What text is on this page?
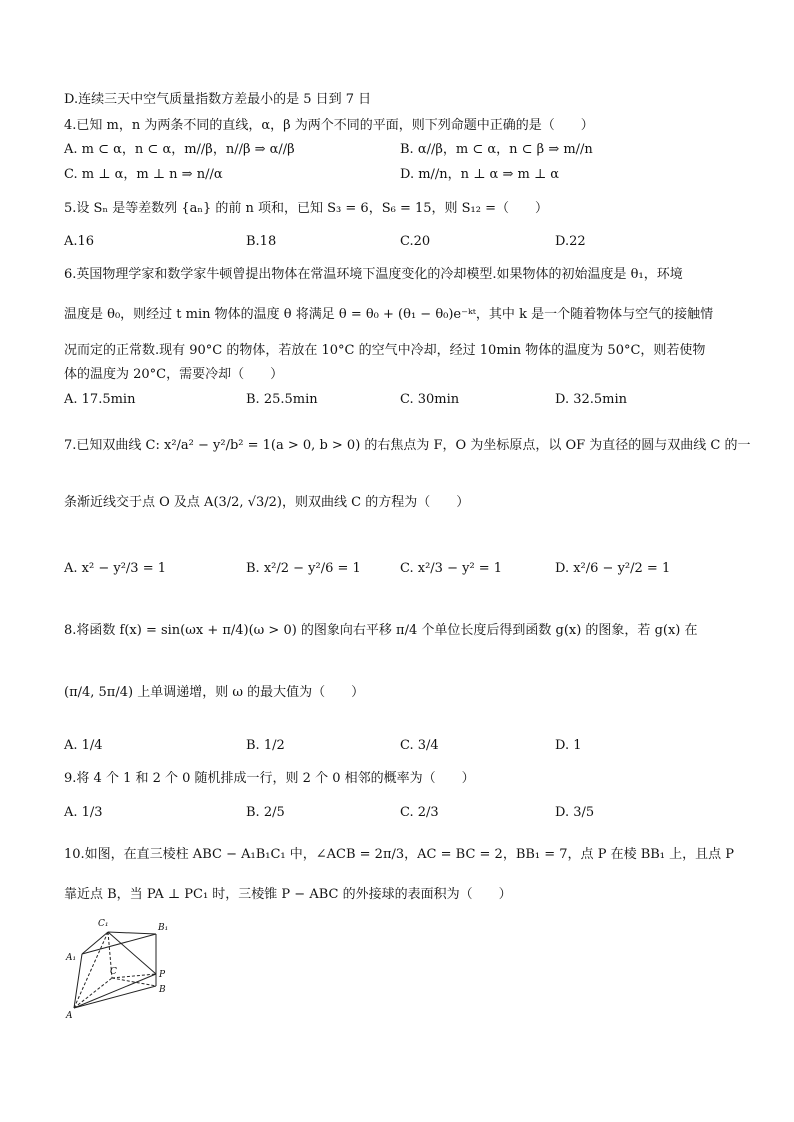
D.连续三天中空气质量指数方差最小的是 5 日到 7 日
4.已知 m，n 为两条不同的直线，α，β 为两个不同的平面，则下列命题中正确的是（　　）
A. m ⊂ α，n ⊂ α，m//β，n//β ⇒ α//β	B. α//β，m ⊂ α，n ⊂ β ⇒ m//n
C. m ⊥ α，m ⊥ n ⇒ n//α	D. m//n，n ⊥ α ⇒ m ⊥ α
5.设 Sₙ 是等差数列 {aₙ} 的前 n 项和，已知 S₃ = 6，S₆ = 15，则 S₁₂ =（　　）
A.16	B.18	C.20	D.22
6.英国物理学家和数学家牛顿曾提出物体在常温环境下温度变化的冷却模型.如果物体的初始温度是 θ₁，环境
温度是 θ₀，则经过 t min 物体的温度 θ 将满足 θ = θ₀ + (θ₁ − θ₀)e⁻ᵏᵗ，其中 k 是一个随着物体与空气的接触情
况而定的正常数.现有 90°C 的物体，若放在 10°C 的空气中冷却，经过 10min 物体的温度为 50°C，则若使物
体的温度为 20°C，需要冷却（　　）
A. 17.5min	B. 25.5min	C. 30min	D. 32.5min
7.已知双曲线 C: x²/a² − y²/b² = 1(a > 0, b > 0) 的右焦点为 F，O 为坐标原点，以 OF 为直径的圆与双曲线 C 的一
条渐近线交于点 O 及点 A(3/2, √3/2)，则双曲线 C 的方程为（　　）
A. x² − y²/3 = 1	B. x²/2 − y²/6 = 1	C. x²/3 − y² = 1	D. x²/6 − y²/2 = 1
8.将函数 f(x) = sin(ωx + π/4)(ω > 0) 的图象向右平移 π/4 个单位长度后得到函数 g(x) 的图象，若 g(x) 在
(π/4, 5π/4) 上单调递增，则 ω 的最大值为（　　）
A. 1/4	B. 1/2	C. 3/4	D. 1
9.将 4 个 1 和 2 个 0 随机排成一行，则 2 个 0 相邻的概率为（　　）
A. 1/3	B. 2/5	C. 2/3	D. 3/5
10.如图，在直三棱柱 ABC − A₁B₁C₁ 中，∠ACB = 2π/3，AC = BC = 2，BB₁ = 7，点 P 在棱 BB₁ 上，且点 P
靠近点 B，当 PA ⊥ PC₁ 时，三棱锥 P − ABC 的外接球的表面积为（　　）
C₁	B₁
A₁
C	P
B
A
